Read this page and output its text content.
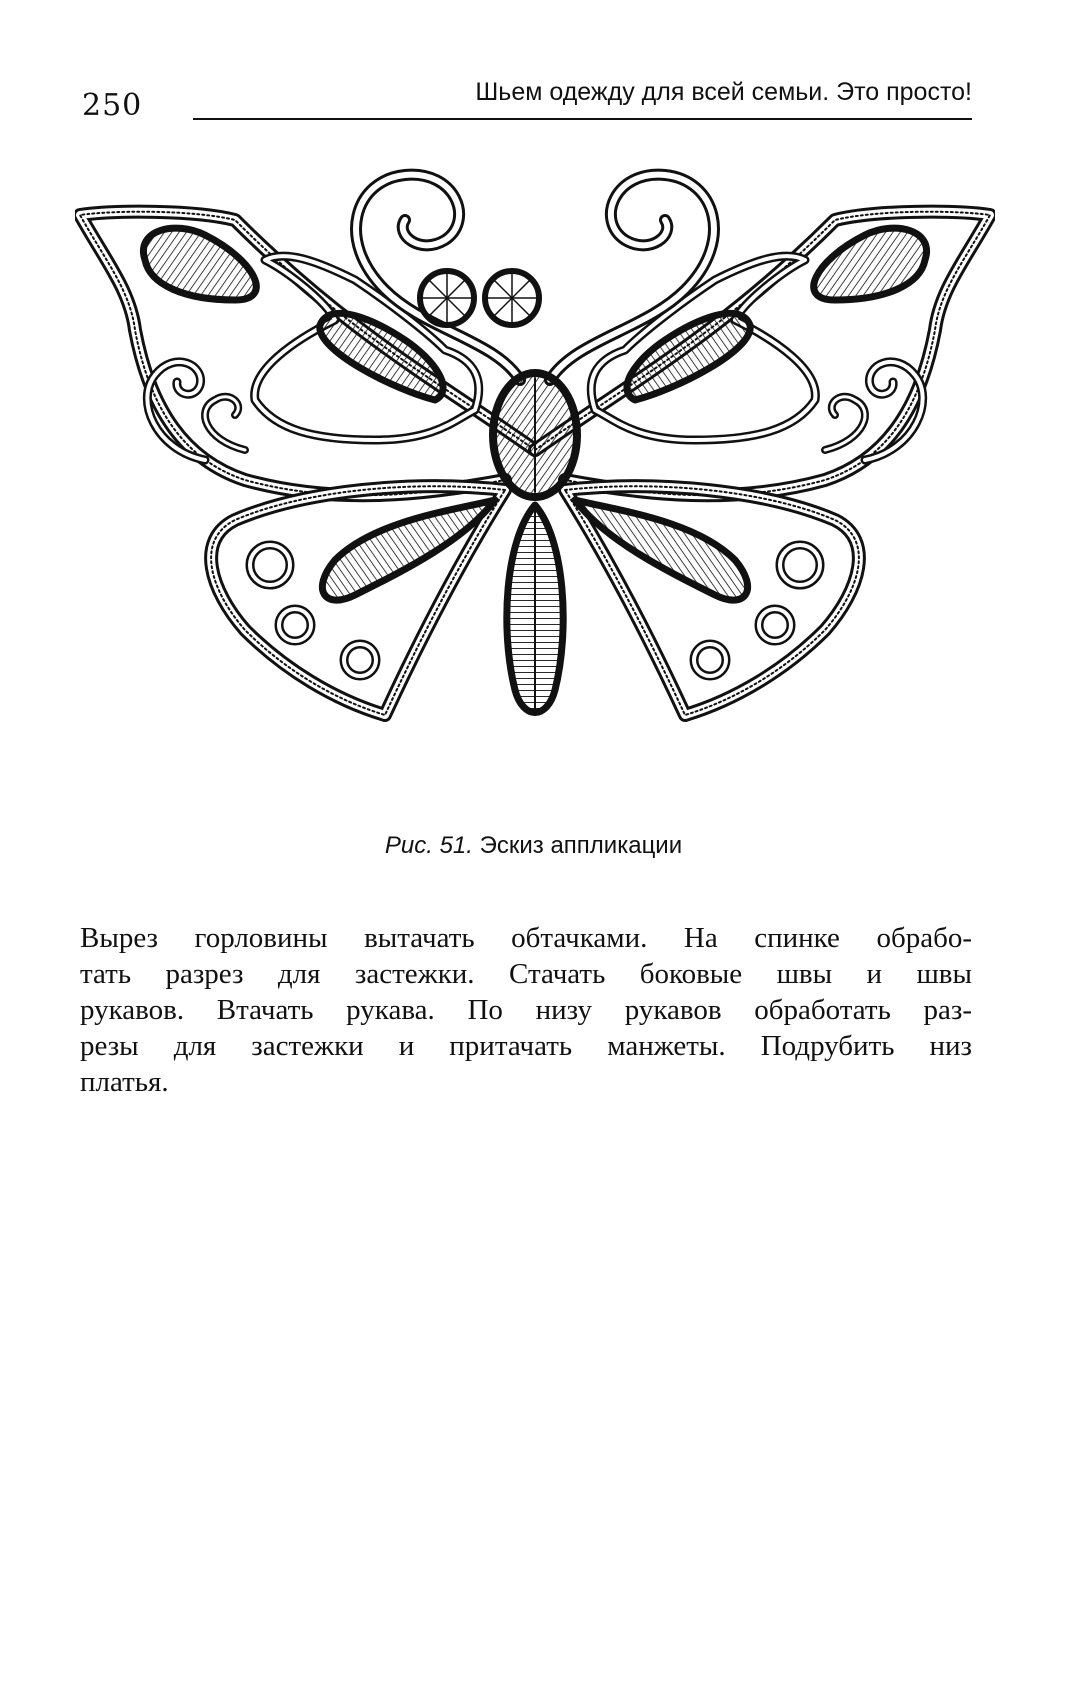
250	Шьем одежду для всей семьи. Это просто!
Рис. 51. Эскиз аппликации

Вырез горловины вытачать обтачками. На спинке обрабо-
тать разрез для застежки. Стачать боковые швы и швы
рукавов. Втачать рукава. По низу рукавов обработать раз-
резы для застежки и притачать манжеты. Подрубить низ
платья.
